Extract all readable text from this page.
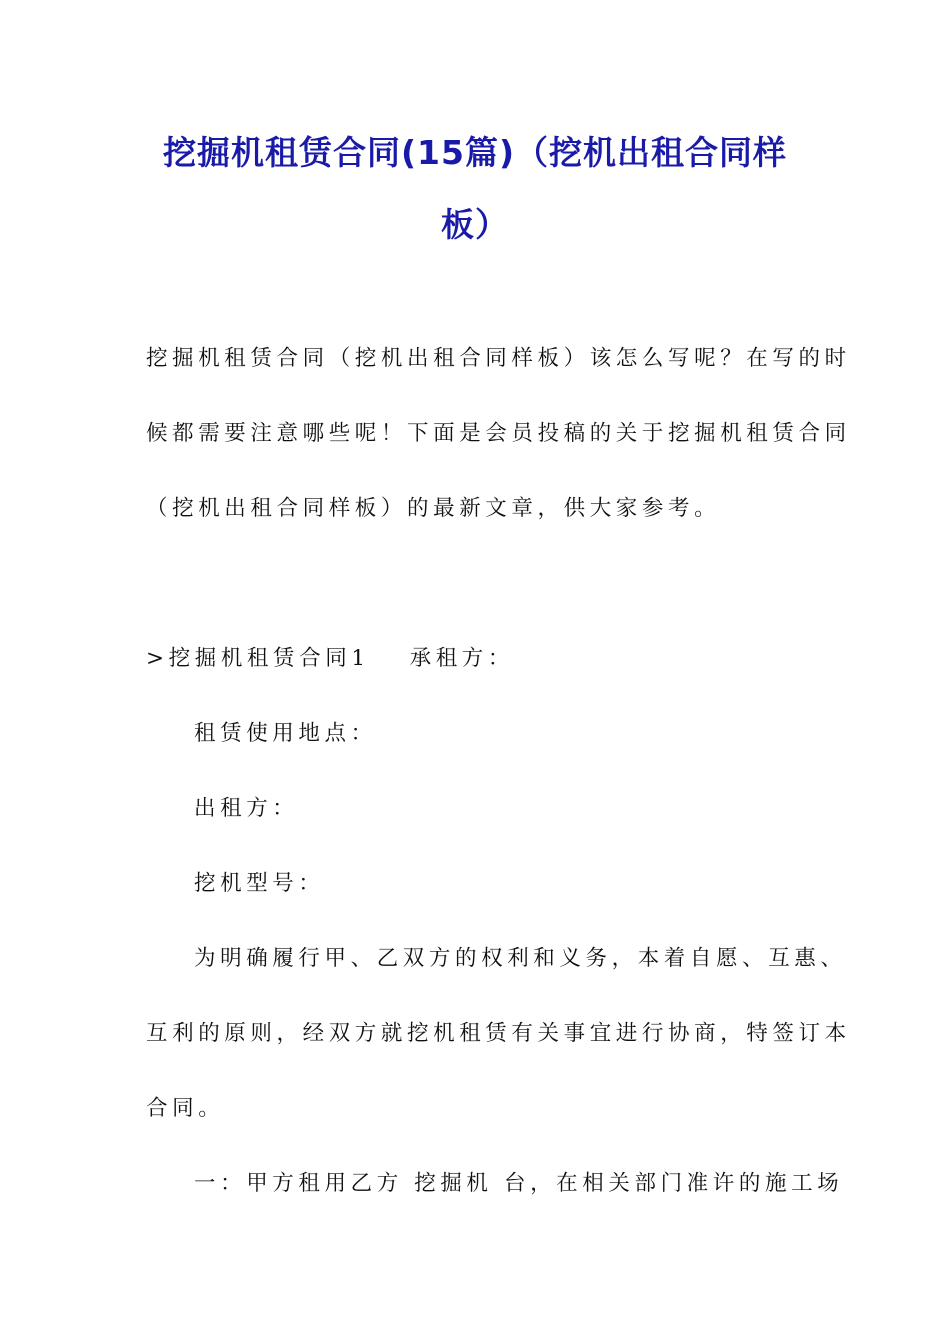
挖掘机租赁合同(15篇)（挖机出租合同样
板）
挖掘机租赁合同（挖机出租合同样板）该怎么写呢？在写的时
候都需要注意哪些呢！下面是会员投稿的关于挖掘机租赁合同
（挖机出租合同样板）的最新文章，供大家参考。
>挖掘机租赁合同1 承租方：
租赁使用地点：
出租方：
挖机型号：
为明确履行甲、乙双方的权利和义务，本着自愿、互惠、
互利的原则，经双方就挖机租赁有关事宜进行协商，特签订本
合同。
一：甲方租用乙方 挖掘机 台，在相关部门准许的施工场
